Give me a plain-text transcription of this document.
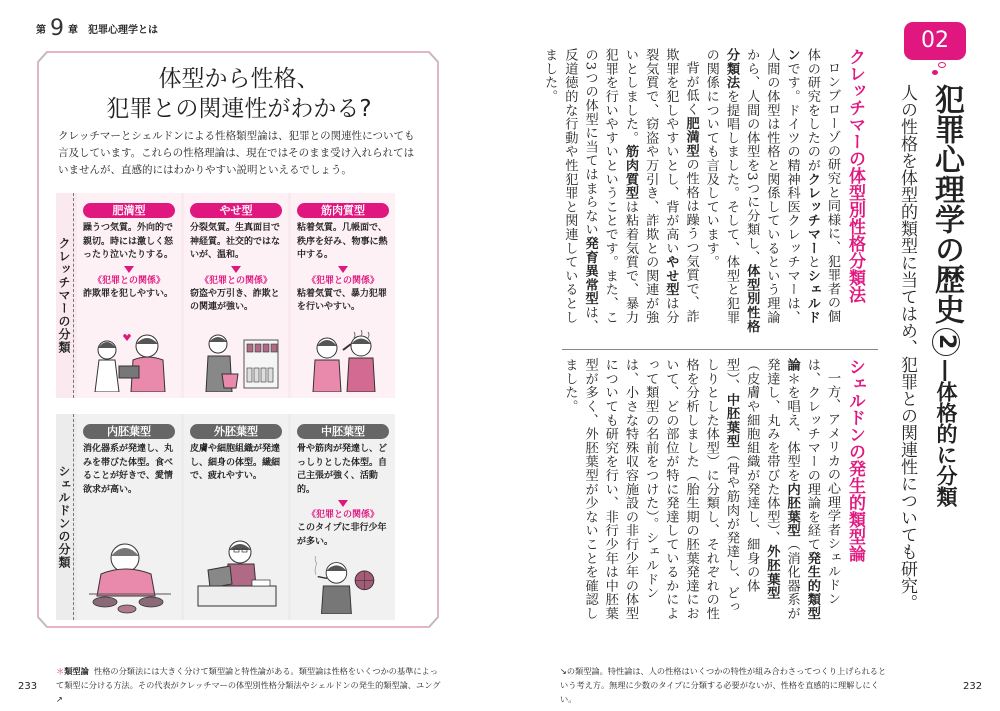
第 9 章 犯罪心理学とは
体型から性格、
犯罪との関連性がわかる?

クレッチマーとシェルドンによる性格類型論は、犯罪との関連性についても言及しています。これらの性格理論は、現在ではそのまま受け入れられてはいませんが、直感的にはわかりやすい説明といえるでしょう。

クレッチマーの分類
肥満型

躁うつ気質。外向的で親切。時には激しく怒ったり泣いたりする。

《犯罪との関係》

詐欺罪を犯しやすい。

やせ型

分裂気質。生真面目で神経質。社交的ではないが、温和。

《犯罪との関係》

窃盗や万引き、詐欺との関連が強い。

筋肉質型

粘着気質。几帳面で、秩序を好み、物事に熱中する。

《犯罪との関係》

粘着気質で、暴力犯罪を行いやすい。

シェルドンの分類
内胚葉型

消化器系が発達し、丸みを帯びた体型。食べることが好きで、愛情欲求が高い。

外胚葉型

皮膚や細胞組織が発達し、細身の体型。繊細で、疲れやすい。

中胚葉型

骨や筋肉が発達し、どっしりとした体型。自己主張が強く、活動的。

《犯罪との関係》

このタイプに非行少年が多い。

＊類型論 性格の分類法には大きく分けて類型論と特性論がある。類型論は性格をいくつかの基準によって類型に分ける方法。その代表がクレッチマーの体型別性格分類法やシェルドンの発生的類型論、ユング↗
233
02
犯罪心理学の歴史2―体格的に分類

人の性格を体型的類型に当てはめ、犯罪との関連性についても研究。

クレッチマーの体型別性格分類法

ロンブローゾの研究と同様に、犯罪者の個体の研究をしたのがクレッチマーとシェルドンです。ドイツの精神科医クレッチマーは、人間の体型は性格と関係しているという理論から、人間の体型を3つに分類し、体型別性格分類法を提唱しました。そして、体型と犯罪の関係についても言及しています。

背が低く肥満型の性格は躁うつ気質で、詐欺罪を犯しやすいとし、背が高いやせ型は分裂気質で、窃盗や万引き、詐欺との関連が強いとしました。筋肉質型は粘着気質で、暴力犯罪を行いやすいということです。また、この3つの体型に当てはまらない発育異常型は、反道徳的な行動や性犯罪と関連しているとしました。

シェルドンの発生的類型論

一方、アメリカの心理学者シェルドンは、クレッチマーの理論を経て発生的類型論＊を唱え、体型を内胚葉型（消化器系が発達し、丸みを帯びた体型）、外胚葉型（皮膚や細胞組織が発達し、細身の体型）、中胚葉型（骨や筋肉が発達し、どっしりとした体型）に分類し、それぞれの性格を分析しました（胎生期の胚葉発達において、どの部位が特に発達しているかによって類型の名前をつけた）。シェルドンは、小さな特殊収容施設の非行少年の体型についても研究を行い、非行少年は中胚葉型が多く、外胚葉型が少ないことを確認しました。

↘の類型論。特性論は、人の性格はいくつかの特性が組み合わさってつくり上げられるという考え方。無理に少数のタイプに分類する必要がないが、性格を直感的に理解しにくい。

232
